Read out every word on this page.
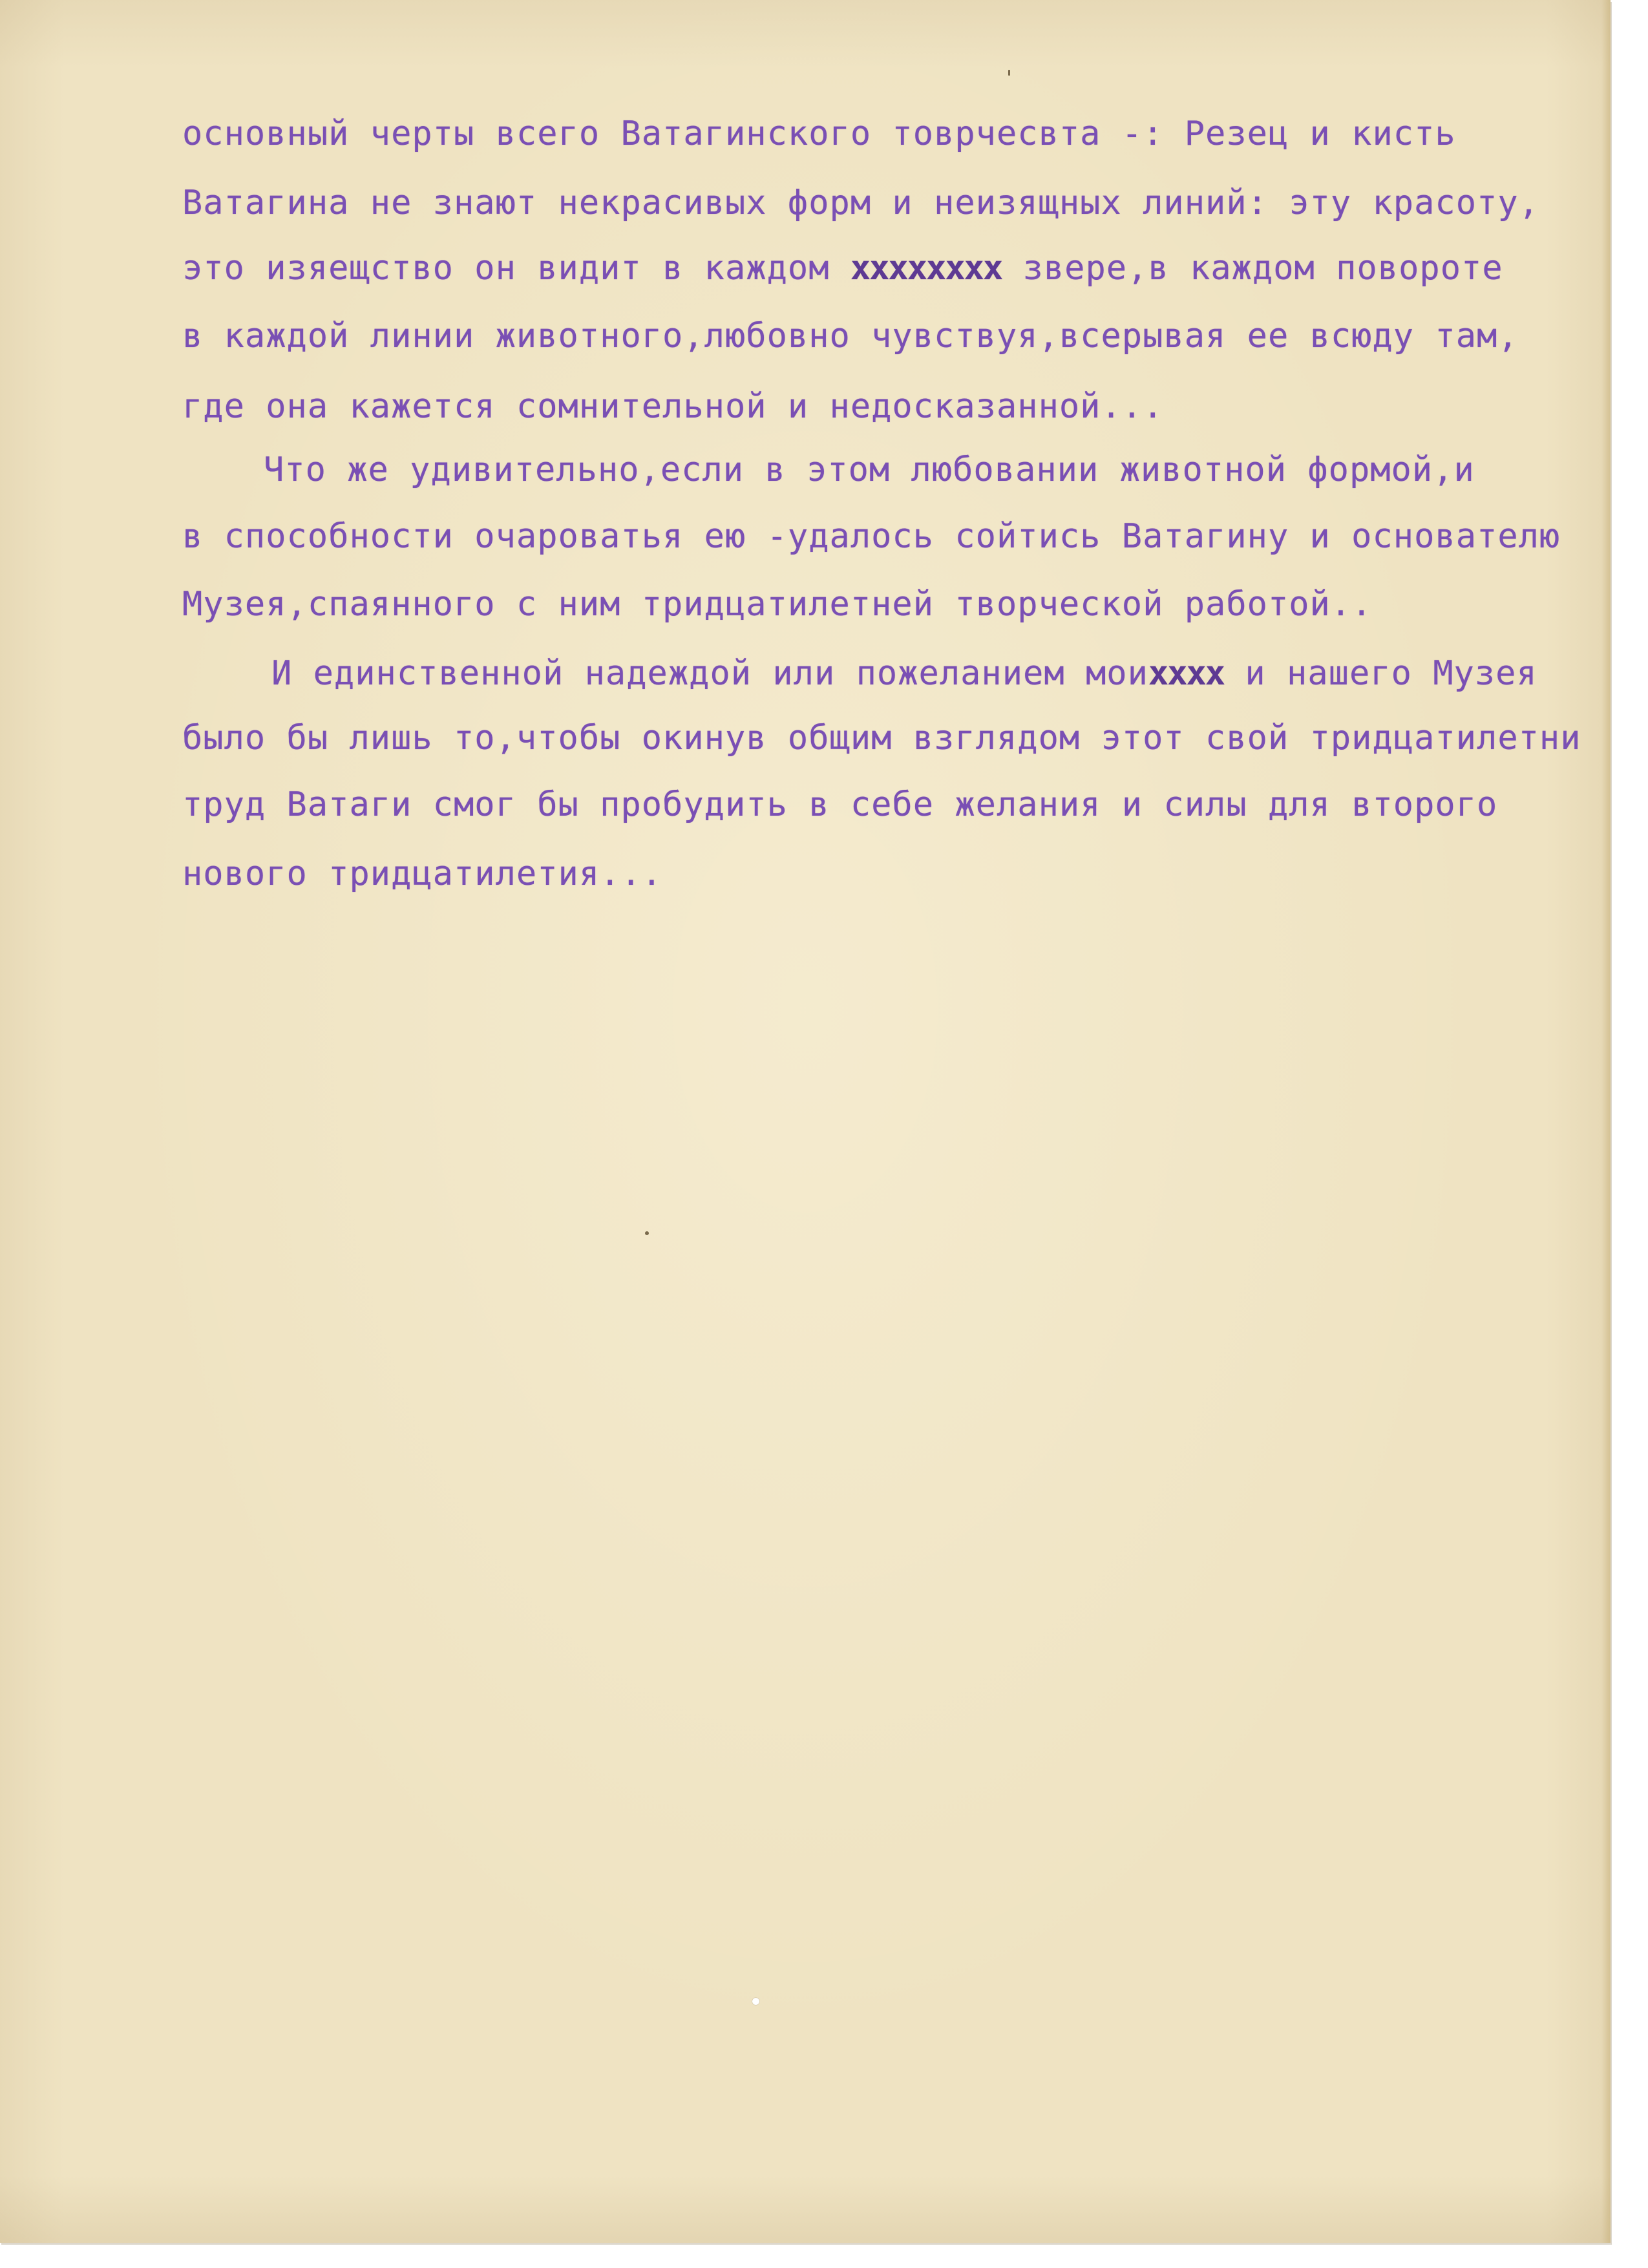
основный черты всего Ватагинского товрчесвта -: Резец и кисть

Ватагина не знают некрасивых форм и неизящных линий: эту красоту,

это изяещство он видит в каждом xxxxxxxx звере,в каждом повороте

в каждой линии животного,любовно чувствуя,всерывая ее всюду там,

где она кажется сомнительной и недосказанной...

Что же удивительно,если в этом любовании животной формой,и

в способности очароватья ею -удалось сойтись Ватагину и основателю

Музея,спаянного с ним тридцатилетней творческой работой..

И единственной надеждой или пожеланием моиxxxx и нашего Музея

было бы лишь то,чтобы окинув общим взглядом этот свой тридцатилетни

труд Ватаги смог бы пробудить в себе желания и силы для второго

нового тридцатилетия...
